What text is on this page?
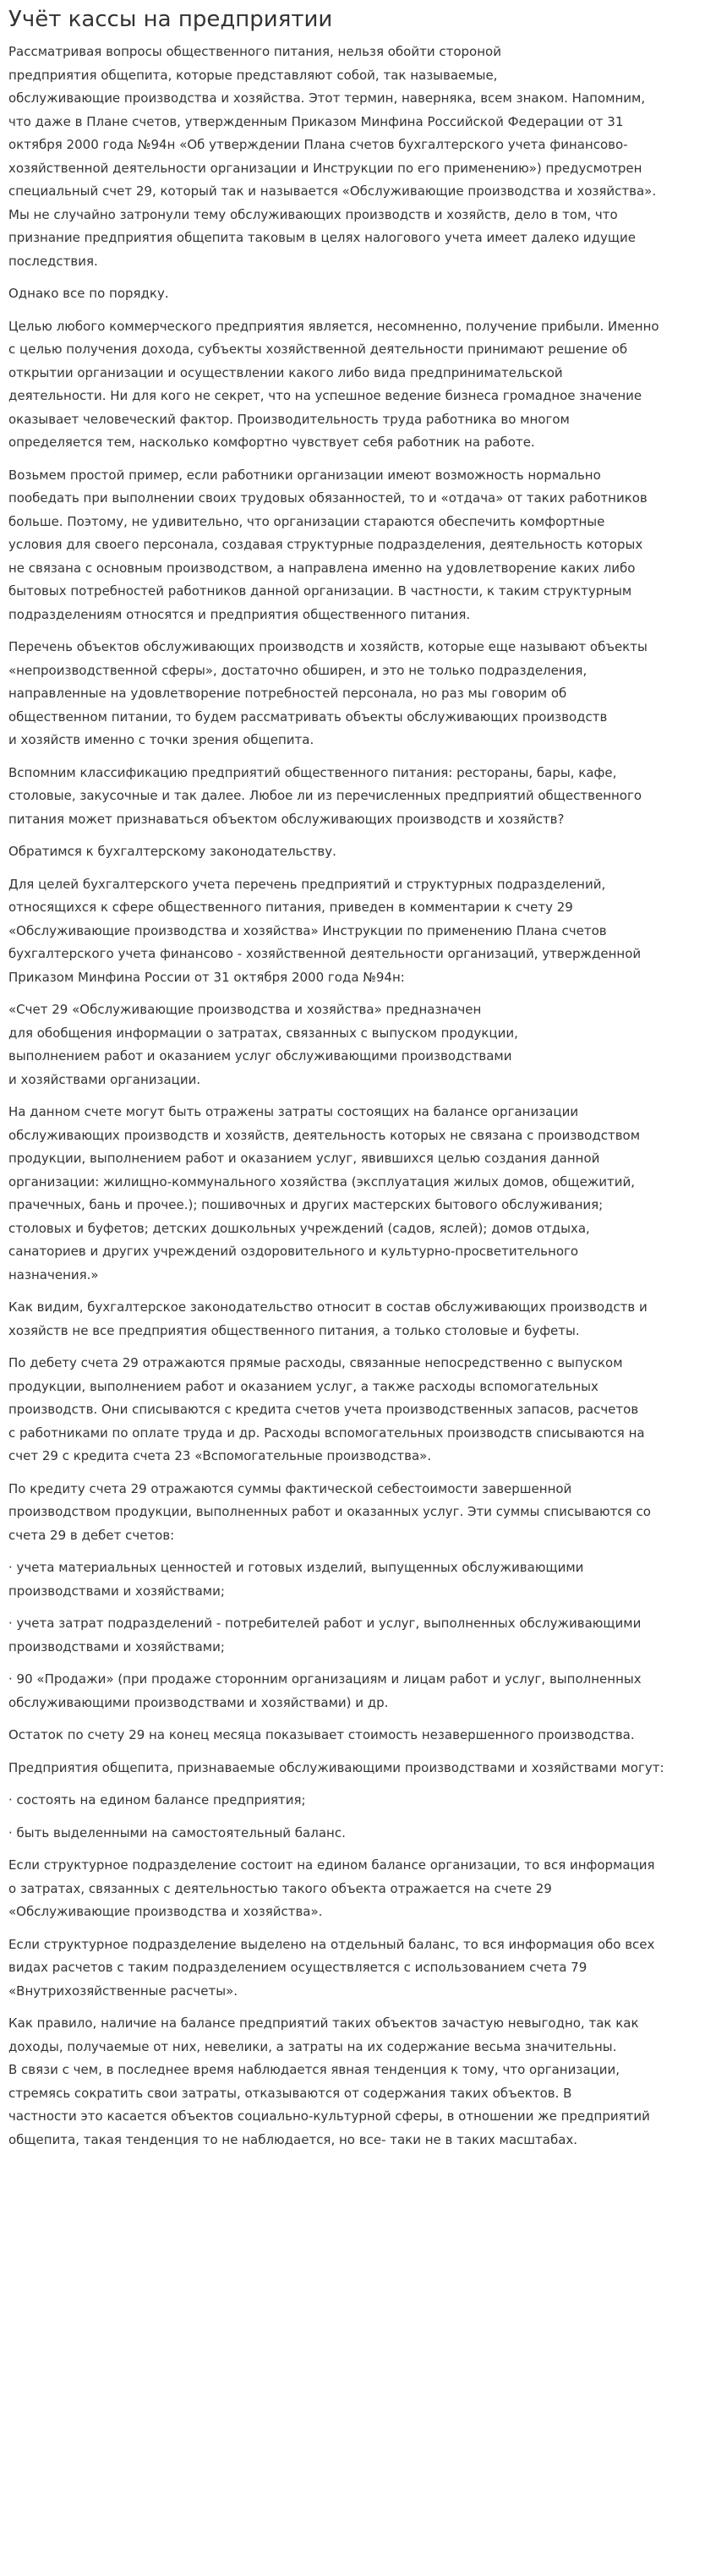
Учёт кассы на предприятии

Рассматривая вопросы общественного питания, нельзя обойти стороной
предприятия общепита, которые представляют собой, так называемые,
обслуживающие производства и хозяйства. Этот термин, наверняка, всем знаком. Напомним,
что даже в Плане счетов, утвержденным Приказом Минфина Российской Федерации от 31
октября 2000 года №94н «Об утверждении Плана счетов бухгалтерского учета финансово-
хозяйственной деятельности организации и Инструкции по его применению») предусмотрен
специальный счет 29, который так и называется «Обслуживающие производства и хозяйства».
Мы не случайно затронули тему обслуживающих производств и хозяйств, дело в том, что
признание предприятия общепита таковым в целях налогового учета имеет далеко идущие
последствия.

Однако все по порядку.

Целью любого коммерческого предприятия является, несомненно, получение прибыли. Именно
с целью получения дохода, субъекты хозяйственной деятельности принимают решение об
открытии организации и осуществлении какого либо вида предпринимательской
деятельности. Ни для кого не секрет, что на успешное ведение бизнеса громадное значение
оказывает человеческий фактор. Производительность труда работника во многом
определяется тем, насколько комфортно чувствует себя работник на работе.

Возьмем простой пример, если работники организации имеют возможность нормально
пообедать при выполнении своих трудовых обязанностей, то и «отдача» от таких работников
больше. Поэтому, не удивительно, что организации стараются обеспечить комфортные
условия для своего персонала, создавая структурные подразделения, деятельность которых
не связана с основным производством, а направлена именно на удовлетворение каких либо
бытовых потребностей работников данной организации. В частности, к таким структурным
подразделениям относятся и предприятия общественного питания.

Перечень объектов обслуживающих производств и хозяйств, которые еще называют объекты
«непроизводственной сферы», достаточно обширен, и это не только подразделения,
направленные на удовлетворение потребностей персонала, но раз мы говорим об
общественном питании, то будем рассматривать объекты обслуживающих производств
и хозяйств именно с точки зрения общепита.

Вспомним классификацию предприятий общественного питания: рестораны, бары, кафе,
столовые, закусочные и так далее. Любое ли из перечисленных предприятий общественного
питания может признаваться объектом обслуживающих производств и хозяйств?

Обратимся к бухгалтерскому законодательству.

Для целей бухгалтерского учета перечень предприятий и структурных подразделений,
относящихся к сфере общественного питания, приведен в комментарии к счету 29
«Обслуживающие производства и хозяйства» Инструкции по применению Плана счетов
бухгалтерского учета финансово - хозяйственной деятельности организаций, утвержденной
Приказом Минфина России от 31 октября 2000 года №94н:

«Счет 29 «Обслуживающие производства и хозяйства» предназначен
для обобщения информации о затратах, связанных с выпуском продукции,
выполнением работ и оказанием услуг обслуживающими производствами
и хозяйствами организации.

На данном счете могут быть отражены затраты состоящих на балансе организации
обслуживающих производств и хозяйств, деятельность которых не связана с производством
продукции, выполнением работ и оказанием услуг, явившихся целью создания данной
организации: жилищно-коммунального хозяйства (эксплуатация жилых домов, общежитий,
прачечных, бань и прочее.); пошивочных и других мастерских бытового обслуживания;
столовых и буфетов; детских дошкольных учреждений (садов, яслей); домов отдыха,
санаториев и других учреждений оздоровительного и культурно-просветительного
назначения.»

Как видим, бухгалтерское законодательство относит в состав обслуживающих производств и
хозяйств не все предприятия общественного питания, а только столовые и буфеты.

По дебету счета 29 отражаются прямые расходы, связанные непосредственно с выпуском
продукции, выполнением работ и оказанием услуг, а также расходы вспомогательных
производств. Они списываются с кредита счетов учета производственных запасов, расчетов
с работниками по оплате труда и др. Расходы вспомогательных производств списываются на
счет 29 с кредита счета 23 «Вспомогательные производства».

По кредиту счета 29 отражаются суммы фактической себестоимости завершенной
производством продукции, выполненных работ и оказанных услуг. Эти суммы списываются со
счета 29 в дебет счетов:

· учета материальных ценностей и готовых изделий, выпущенных обслуживающими
производствами и хозяйствами;

· учета затрат подразделений - потребителей работ и услуг, выполненных обслуживающими
производствами и хозяйствами;

· 90 «Продажи» (при продаже сторонним организациям и лицам работ и услуг, выполненных
обслуживающими производствами и хозяйствами) и др.

Остаток по счету 29 на конец месяца показывает стоимость незавершенного производства.

Предприятия общепита, признаваемые обслуживающими производствами и хозяйствами могут:

· состоять на едином балансе предприятия;

· быть выделенными на самостоятельный баланс.

Если структурное подразделение состоит на едином балансе организации, то вся информация
о затратах, связанных с деятельностью такого объекта отражается на счете 29
«Обслуживающие производства и хозяйства».

Если структурное подразделение выделено на отдельный баланс, то вся информация обо всех
видах расчетов с таким подразделением осуществляется с использованием счета 79
«Внутрихозяйственные расчеты».

Как правило, наличие на балансе предприятий таких объектов зачастую невыгодно, так как
доходы, получаемые от них, невелики, а затраты на их содержание весьма значительны.
В связи с чем, в последнее время наблюдается явная тенденция к тому, что организации,
стремясь сократить свои затраты, отказываются от содержания таких объектов. В
частности это касается объектов социально-культурной сферы, в отношении же предприятий
общепита, такая тенденция то не наблюдается, но все- таки не в таких масштабах.
